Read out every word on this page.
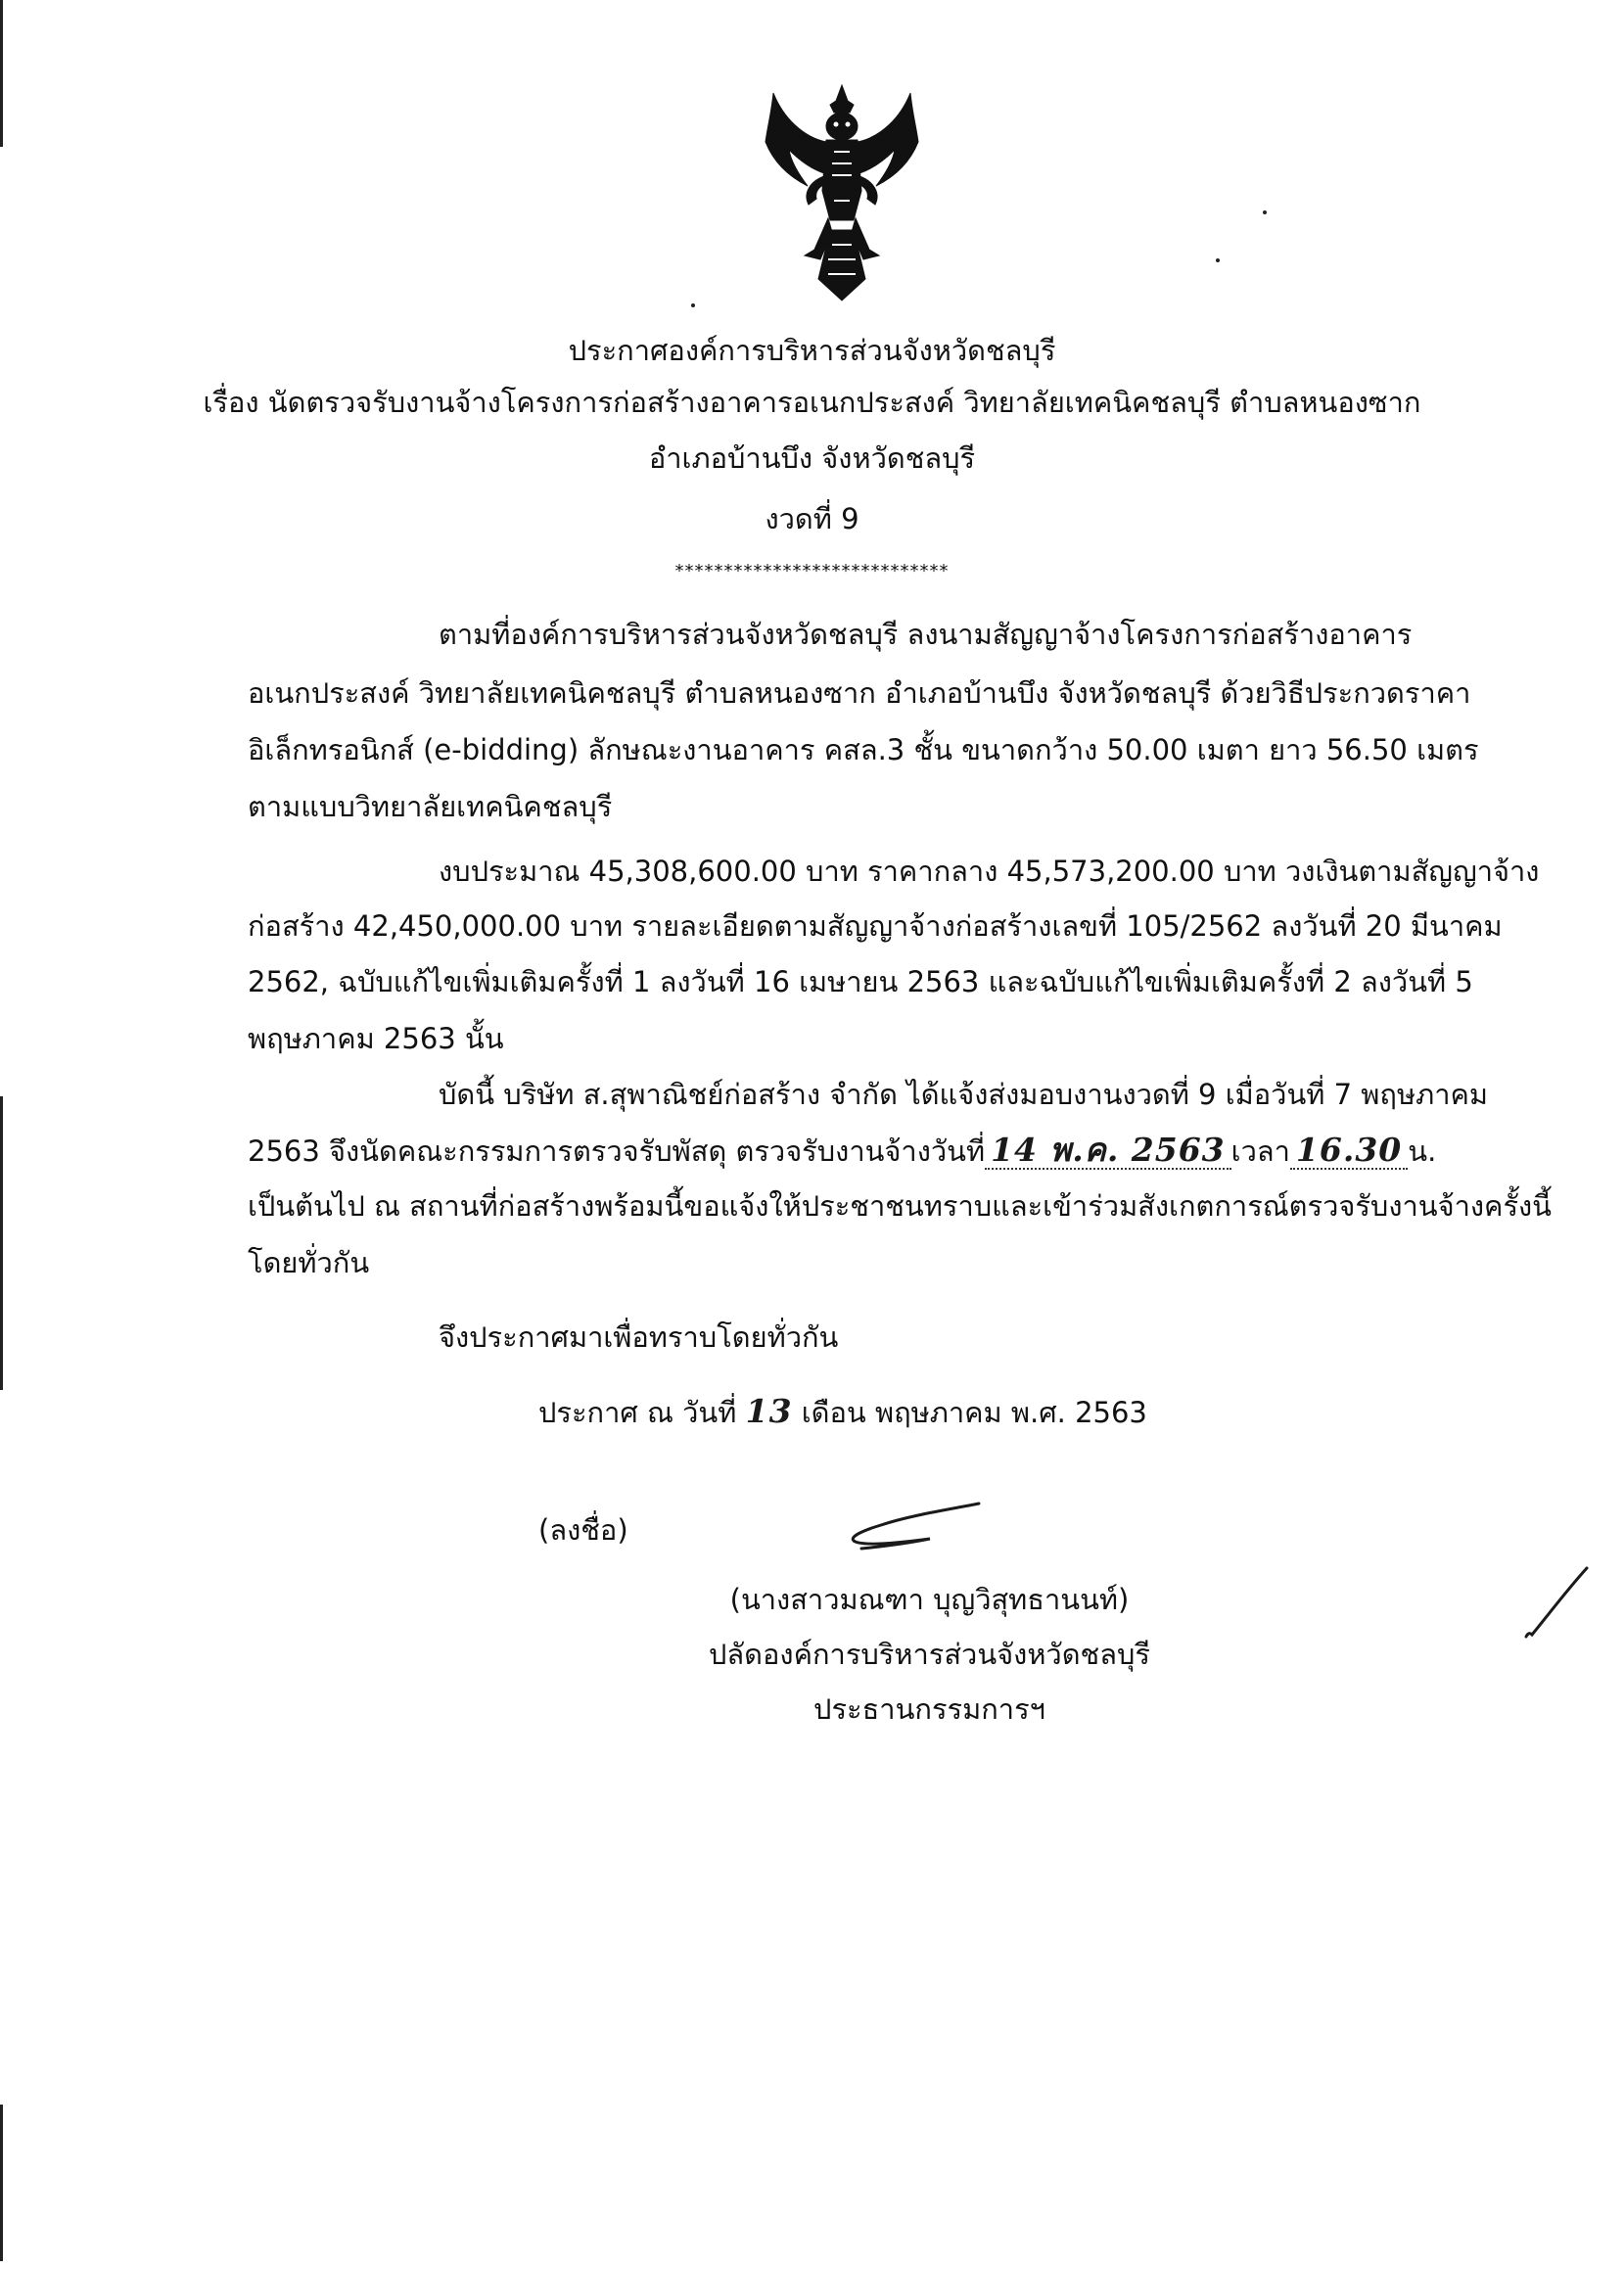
ประกาศองค์การบริหารส่วนจังหวัดชลบุรี
เรื่อง นัดตรวจรับงานจ้างโครงการก่อสร้างอาคารอเนกประสงค์ วิทยาลัยเทคนิคชลบุรี ตำบลหนองซาก
อำเภอบ้านบึง จังหวัดชลบุรี
งวดที่ 9
****************************
ตามที่องค์การบริหารส่วนจังหวัดชลบุรี ลงนามสัญญาจ้างโครงการก่อสร้างอาคาร
อเนกประสงค์ วิทยาลัยเทคนิคชลบุรี ตำบลหนองซาก อำเภอบ้านบึง จังหวัดชลบุรี ด้วยวิธีประกวดราคา
อิเล็กทรอนิกส์ (e-bidding) ลักษณะงานอาคาร คสล.3 ชั้น ขนาดกว้าง 50.00 เมตา ยาว 56.50 เมตร
ตามแบบวิทยาลัยเทคนิคชลบุรี
งบประมาณ 45,308,600.00 บาท ราคากลาง 45,573,200.00 บาท วงเงินตามสัญญาจ้าง
ก่อสร้าง 42,450,000.00 บาท รายละเอียดตามสัญญาจ้างก่อสร้างเลขที่ 105/2562 ลงวันที่ 20 มีนาคม
2562, ฉบับแก้ไขเพิ่มเติมครั้งที่ 1 ลงวันที่ 16 เมษายน 2563 และฉบับแก้ไขเพิ่มเติมครั้งที่ 2 ลงวันที่ 5
พฤษภาคม 2563 นั้น
บัดนี้ บริษัท ส.สุพาณิชย์ก่อสร้าง จำกัด ได้แจ้งส่งมอบงานงวดที่ 9 เมื่อวันที่ 7 พฤษภาคม
2563 จึงนัดคณะกรรมการตรวจรับพัสดุ ตรวจรับงานจ้างวันที่ 14 พ.ค. 2563 เวลา 16.30 น.
เป็นต้นไป ณ สถานที่ก่อสร้างพร้อมนี้ขอแจ้งให้ประชาชนทราบและเข้าร่วมสังเกตการณ์ตรวจรับงานจ้างครั้งนี้
โดยทั่วกัน
จึงประกาศมาเพื่อทราบโดยทั่วกัน
ประกาศ ณ วันที่ 13 เดือน พฤษภาคม พ.ศ. 2563
(ลงชื่อ)
(นางสาวมณฑา บุญวิสุทธานนท์)
ปลัดองค์การบริหารส่วนจังหวัดชลบุรี
ประธานกรรมการฯ
